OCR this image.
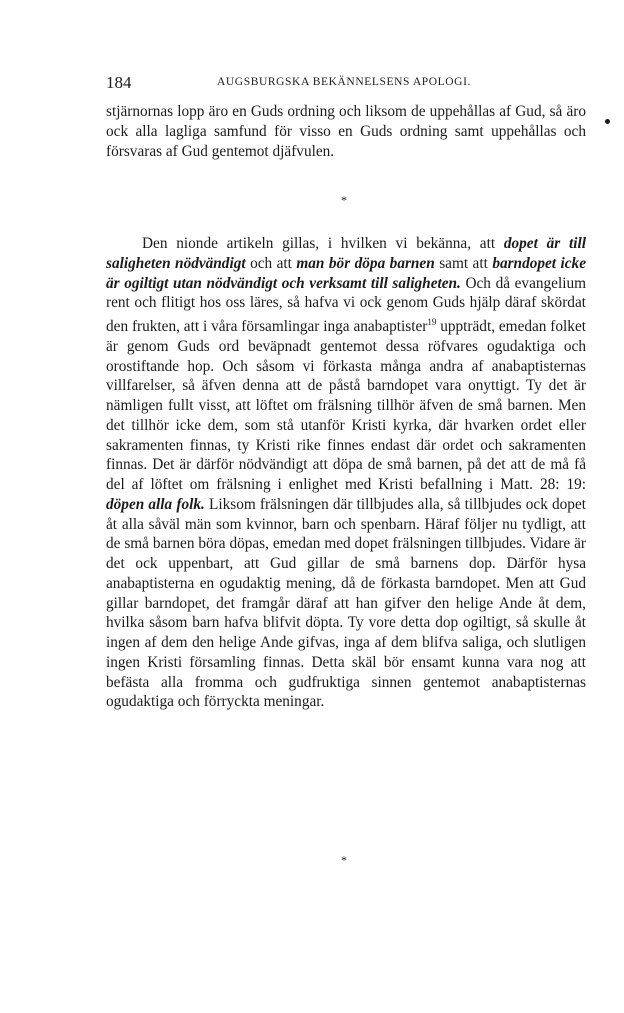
184	AUGSBURGSKA BEKÄNNELSENS APOLOGI.

stjärnornas lopp äro en Guds ordning och liksom de uppehållas af Gud, så äro ock alla lagliga samfund för visso en Guds ordning samt uppehållas och försvaras af Gud gentemot djäfvulen.

*

Den nionde artikeln gillas, i hvilken vi bekänna, att dopet är till saligheten nödvändigt och att man bör döpa barnen samt att barndopet icke är ogiltigt utan nödvändigt och verksamt till saligheten. Och då evangelium rent och flitigt hos oss läres, så hafva vi ock genom Guds hjälp däraf skördat den frukten, att i våra församlingar inga anabaptister$^{19}$ uppträdt, emedan folket är genom Guds ord beväpnadt gentemot dessa röfvares ogudaktiga och orostiftande hop. Och såsom vi förkasta många andra af anabaptisternas villfarelser, så äfven denna att de påstå barndopet vara onyttigt. Ty det är nämligen fullt visst, att löftet om frälsning tillhör äfven de små barnen. Men det tillhör icke dem, som stå utanför Kristi kyrka, där hvarken ordet eller sakramenten finnas, ty Kristi rike finnes endast där ordet och sakramenten finnas. Det är därför nödvändigt att döpa de små barnen, på det att de må få del af löftet om frälsning i enlighet med Kristi befallning i Matt. 28: 19: döpen alla folk. Liksom frälsningen där tillbjudes alla, så tillbjudes ock dopet åt alla såväl män som kvinnor, barn och spenbarn. Häraf följer nu tydligt, att de små barnen böra döpas, emedan med dopet frälsningen tillbjudes. Vidare är det ock uppenbart, att Gud gillar de små barnens dop. Därför hysa anabaptisterna en ogudaktig mening, då de förkasta barndopet. Men att Gud gillar barndopet, det framgår däraf att han gifver den helige Ande åt dem, hvilka såsom barn hafva blifvit döpta. Ty vore detta dop ogiltigt, så skulle åt ingen af dem den helige Ande gifvas, inga af dem blifva saliga, och slutligen ingen Kristi församling finnas. Detta skäl bör ensamt kunna vara nog att befästa alla fromma och gudfruktiga sinnen gentemot anabaptisternas ogudaktiga och förryckta meningar.

*
